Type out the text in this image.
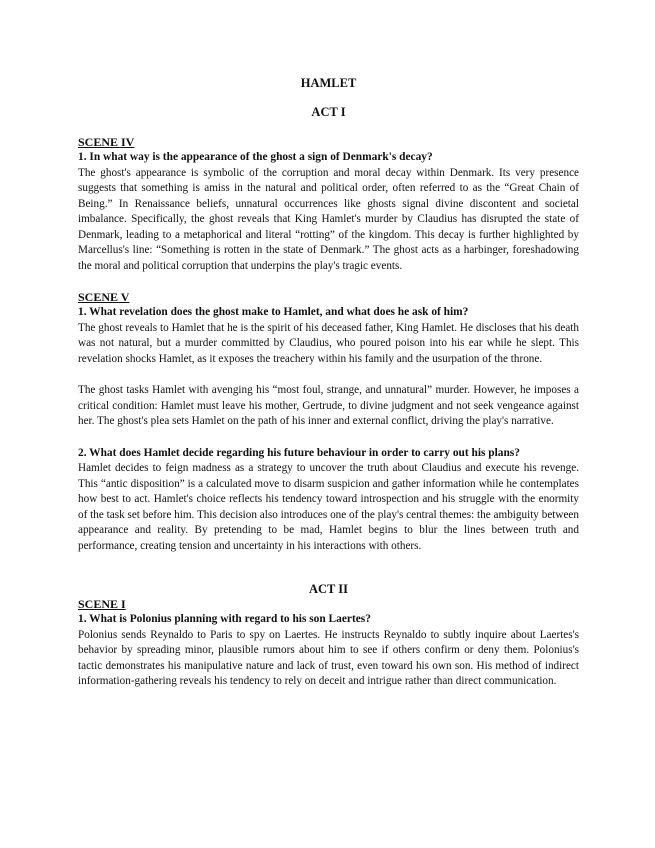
HAMLET
ACT I
SCENE IV
1. In what way is the appearance of the ghost a sign of Denmark's decay?

The ghost's appearance is symbolic of the corruption and moral decay within Denmark. Its very presence suggests that something is amiss in the natural and political order, often referred to as the “Great Chain of Being.” In Renaissance beliefs, unnatural occurrences like ghosts signal divine discontent and societal imbalance. Specifically, the ghost reveals that King Hamlet's murder by Claudius has disrupted the state of Denmark, leading to a metaphorical and literal “rotting” of the kingdom. This decay is further highlighted by Marcellus's line: “Something is rotten in the state of Denmark.” The ghost acts as a harbinger, foreshadowing the moral and political corruption that underpins the play's tragic events.

SCENE V
1. What revelation does the ghost make to Hamlet, and what does he ask of him?

The ghost reveals to Hamlet that he is the spirit of his deceased father, King Hamlet. He discloses that his death was not natural, but a murder committed by Claudius, who poured poison into his ear while he slept. This revelation shocks Hamlet, as it exposes the treachery within his family and the usurpation of the throne.

The ghost tasks Hamlet with avenging his “most foul, strange, and unnatural” murder. However, he imposes a critical condition: Hamlet must leave his mother, Gertrude, to divine judgment and not seek vengeance against her. The ghost's plea sets Hamlet on the path of his inner and external conflict, driving the play's narrative.

2. What does Hamlet decide regarding his future behaviour in order to carry out his plans?

Hamlet decides to feign madness as a strategy to uncover the truth about Claudius and execute his revenge. This “antic disposition” is a calculated move to disarm suspicion and gather information while he contemplates how best to act. Hamlet's choice reflects his tendency toward introspection and his struggle with the enormity of the task set before him. This decision also introduces one of the play's central themes: the ambiguity between appearance and reality. By pretending to be mad, Hamlet begins to blur the lines between truth and performance, creating tension and uncertainty in his interactions with others.

ACT II
SCENE I
1. What is Polonius planning with regard to his son Laertes?

Polonius sends Reynaldo to Paris to spy on Laertes. He instructs Reynaldo to subtly inquire about Laertes's behavior by spreading minor, plausible rumors about him to see if others confirm or deny them. Polonius's tactic demonstrates his manipulative nature and lack of trust, even toward his own son. His method of indirect information-gathering reveals his tendency to rely on deceit and intrigue rather than direct communication.
